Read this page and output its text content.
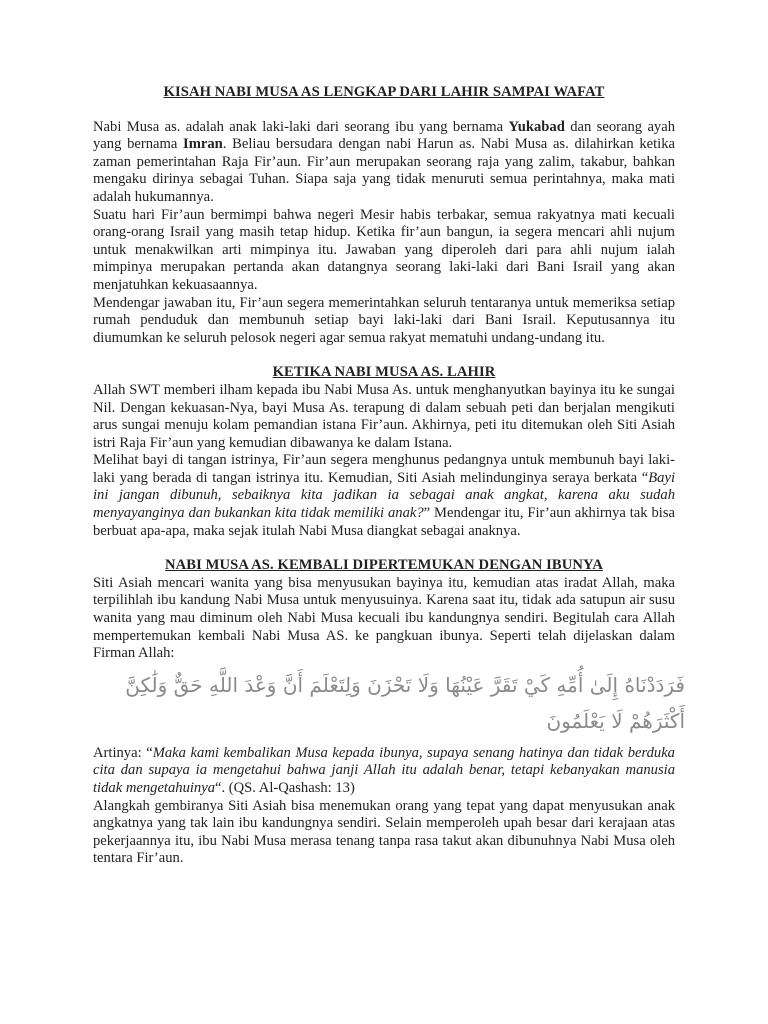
KISAH NABI MUSA AS LENGKAP DARI LAHIR SAMPAI WAFAT

Nabi Musa as. adalah anak laki-laki dari seorang ibu yang bernama Yukabad dan seorang ayah yang bernama Imran. Beliau bersudara dengan nabi Harun as. Nabi Musa as. dilahirkan ketika zaman pemerintahan Raja Fir’aun. Fir’aun merupakan seorang raja yang zalim, takabur, bahkan mengaku dirinya sebagai Tuhan. Siapa saja yang tidak menuruti semua perintahnya, maka mati adalah hukumannya.

Suatu hari Fir’aun bermimpi bahwa negeri Mesir habis terbakar, semua rakyatnya mati kecuali orang-orang Israil yang masih tetap hidup. Ketika fir’aun bangun, ia segera mencari ahli nujum untuk menakwilkan arti mimpinya itu. Jawaban yang diperoleh dari para ahli nujum ialah mimpinya merupakan pertanda akan datangnya seorang laki-laki dari Bani Israil yang akan menjatuhkan kekuasaannya.

Mendengar jawaban itu, Fir’aun segera memerintahkan seluruh tentaranya untuk memeriksa setiap rumah penduduk dan membunuh setiap bayi laki-laki dari Bani Israil. Keputusannya itu diumumkan ke seluruh pelosok negeri agar semua rakyat mematuhi undang-undang itu.

KETIKA NABI MUSA AS. LAHIR

Allah SWT memberi ilham kepada ibu Nabi Musa As. untuk menghanyutkan bayinya itu ke sungai Nil. Dengan kekuasan-Nya, bayi Musa As. terapung di dalam sebuah peti dan berjalan mengikuti arus sungai menuju kolam pemandian istana Fir’aun. Akhirnya, peti itu ditemukan oleh Siti Asiah istri Raja Fir’aun yang kemudian dibawanya ke dalam Istana.

Melihat bayi di tangan istrinya, Fir’aun segera menghunus pedangnya untuk membunuh bayi laki-laki yang berada di tangan istrinya itu. Kemudian, Siti Asiah melindunginya seraya berkata “Bayi ini jangan dibunuh, sebaiknya kita jadikan ia sebagai anak angkat, karena aku sudah menyayanginya dan bukankan kita tidak memiliki anak?” Mendengar itu, Fir’aun akhirnya tak bisa berbuat apa-apa, maka sejak itulah Nabi Musa diangkat sebagai anaknya.

NABI MUSA AS. KEMBALI DIPERTEMUKAN DENGAN IBUNYA

Siti Asiah mencari wanita yang bisa menyusukan bayinya itu, kemudian atas iradat Allah, maka terpilihlah ibu kandung Nabi Musa untuk menyusuinya. Karena saat itu, tidak ada satupun air susu wanita yang mau diminum oleh Nabi Musa kecuali ibu kandungnya sendiri. Begitulah cara Allah mempertemukan kembali Nabi Musa AS. ke pangkuan ibunya. Seperti telah dijelaskan dalam Firman Allah:

فَرَدَدْنَاهُ إِلَىٰ أُمِّهِ كَيْ تَقَرَّ عَيْنُهَا وَلَا تَحْزَنَ وَلِتَعْلَمَ أَنَّ وَعْدَ اللَّهِ حَقٌّ وَلَٰكِنَّ أَكْثَرَهُمْ لَا يَعْلَمُونَ

Artinya: “Maka kami kembalikan Musa kepada ibunya, supaya senang hatinya dan tidak berduka cita dan supaya ia mengetahui bahwa janji Allah itu adalah benar, tetapi kebanyakan manusia tidak mengetahuinya“. (QS. Al-Qashash: 13)

Alangkah gembiranya Siti Asiah bisa menemukan orang yang tepat yang dapat menyusukan anak angkatnya yang tak lain ibu kandungnya sendiri. Selain memperoleh upah besar dari kerajaan atas pekerjaannya itu, ibu Nabi Musa merasa tenang tanpa rasa takut akan dibunuhnya Nabi Musa oleh tentara Fir’aun.
